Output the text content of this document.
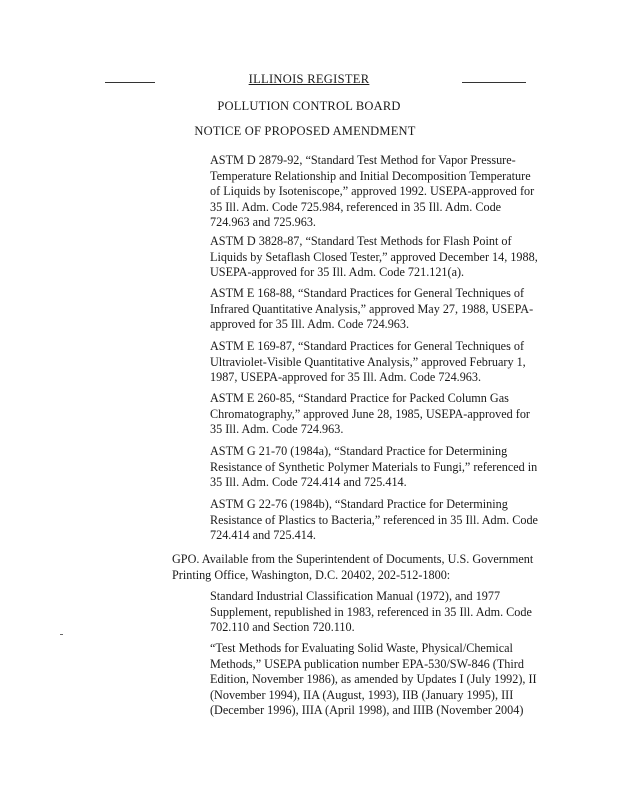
ILLINOIS REGISTER
POLLUTION CONTROL BOARD
NOTICE OF PROPOSED AMENDMENT
ASTM D 2879-92, “Standard Test Method for Vapor Pressure-Temperature Relationship and Initial Decomposition Temperature of Liquids by Isoteniscope,” approved 1992. USEPA-approved for 35 Ill. Adm. Code 725.984, referenced in 35 Ill. Adm. Code 724.963 and 725.963.
ASTM D 3828-87, “Standard Test Methods for Flash Point of Liquids by Setaflash Closed Tester,” approved December 14, 1988, USEPA-approved for 35 Ill. Adm. Code 721.121(a).
ASTM E 168-88, “Standard Practices for General Techniques of Infrared Quantitative Analysis,” approved May 27, 1988, USEPA-approved for 35 Ill. Adm. Code 724.963.
ASTM E 169-87, “Standard Practices for General Techniques of Ultraviolet-Visible Quantitative Analysis,” approved February 1, 1987, USEPA-approved for 35 Ill. Adm. Code 724.963.
ASTM E 260-85, “Standard Practice for Packed Column Gas Chromatography,” approved June 28, 1985, USEPA-approved for 35 Ill. Adm. Code 724.963.
ASTM G 21-70 (1984a), “Standard Practice for Determining Resistance of Synthetic Polymer Materials to Fungi,” referenced in 35 Ill. Adm. Code 724.414 and 725.414.
ASTM G 22-76 (1984b), “Standard Practice for Determining Resistance of Plastics to Bacteria,” referenced in 35 Ill. Adm. Code 724.414 and 725.414.
GPO. Available from the Superintendent of Documents, U.S. Government Printing Office, Washington, D.C. 20402, 202-512-1800:
Standard Industrial Classification Manual (1972), and 1977 Supplement, republished in 1983, referenced in 35 Ill. Adm. Code 702.110 and Section 720.110.
“Test Methods for Evaluating Solid Waste, Physical/Chemical Methods,” USEPA publication number EPA-530/SW-846 (Third Edition, November 1986), as amended by Updates I (July 1992), II (November 1994), IIA (August, 1993), IIB (January 1995), III (December 1996), IIIA (April 1998), and IIIB (November 2004)
